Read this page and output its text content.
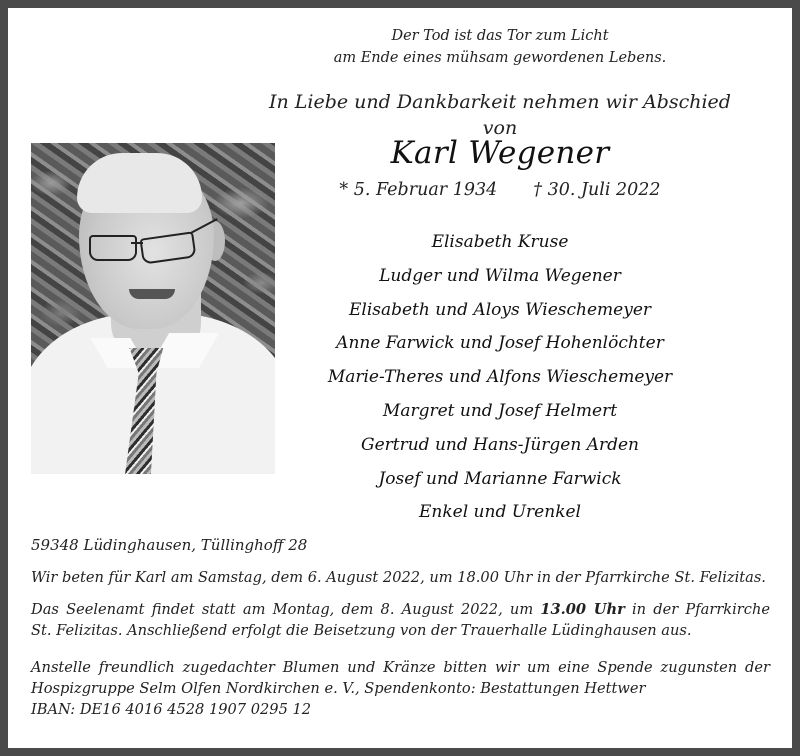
Der Tod ist das Tor zum Licht
am Ende eines mühsam gewordenen Lebens.
In Liebe und Dankbarkeit nehmen wir Abschied von
Karl Wegener
* 5. Februar 1934 † 30. Juli 2022
Elisabeth Kruse
Ludger und Wilma Wegener
Elisabeth und Aloys Wieschemeyer
Anne Farwick und Josef Hohenlöchter
Marie-Theres und Alfons Wieschemeyer
Margret und Josef Helmert
Gertrud und Hans-Jürgen Arden
Josef und Marianne Farwick
Enkel und Urenkel
59348 Lüdinghausen, Tüllinghoff 28
Wir beten für Karl am Samstag, dem 6. August 2022, um 18.00 Uhr in der Pfarrkirche St. Felizitas.
Das Seelenamt findet statt am Montag, dem 8. August 2022, um 13.00 Uhr in der Pfarrkirche
St. Felizitas. Anschließend erfolgt die Beisetzung von der Trauerhalle Lüdinghausen aus.
Anstelle freundlich zugedachter Blumen und Kränze bitten wir um eine Spende zugunsten der
Hospizgruppe Selm Olfen Nordkirchen e. V., Spendenkonto: Bestattungen Hettwer
IBAN: DE16 4016 4528 1907 0295 12
